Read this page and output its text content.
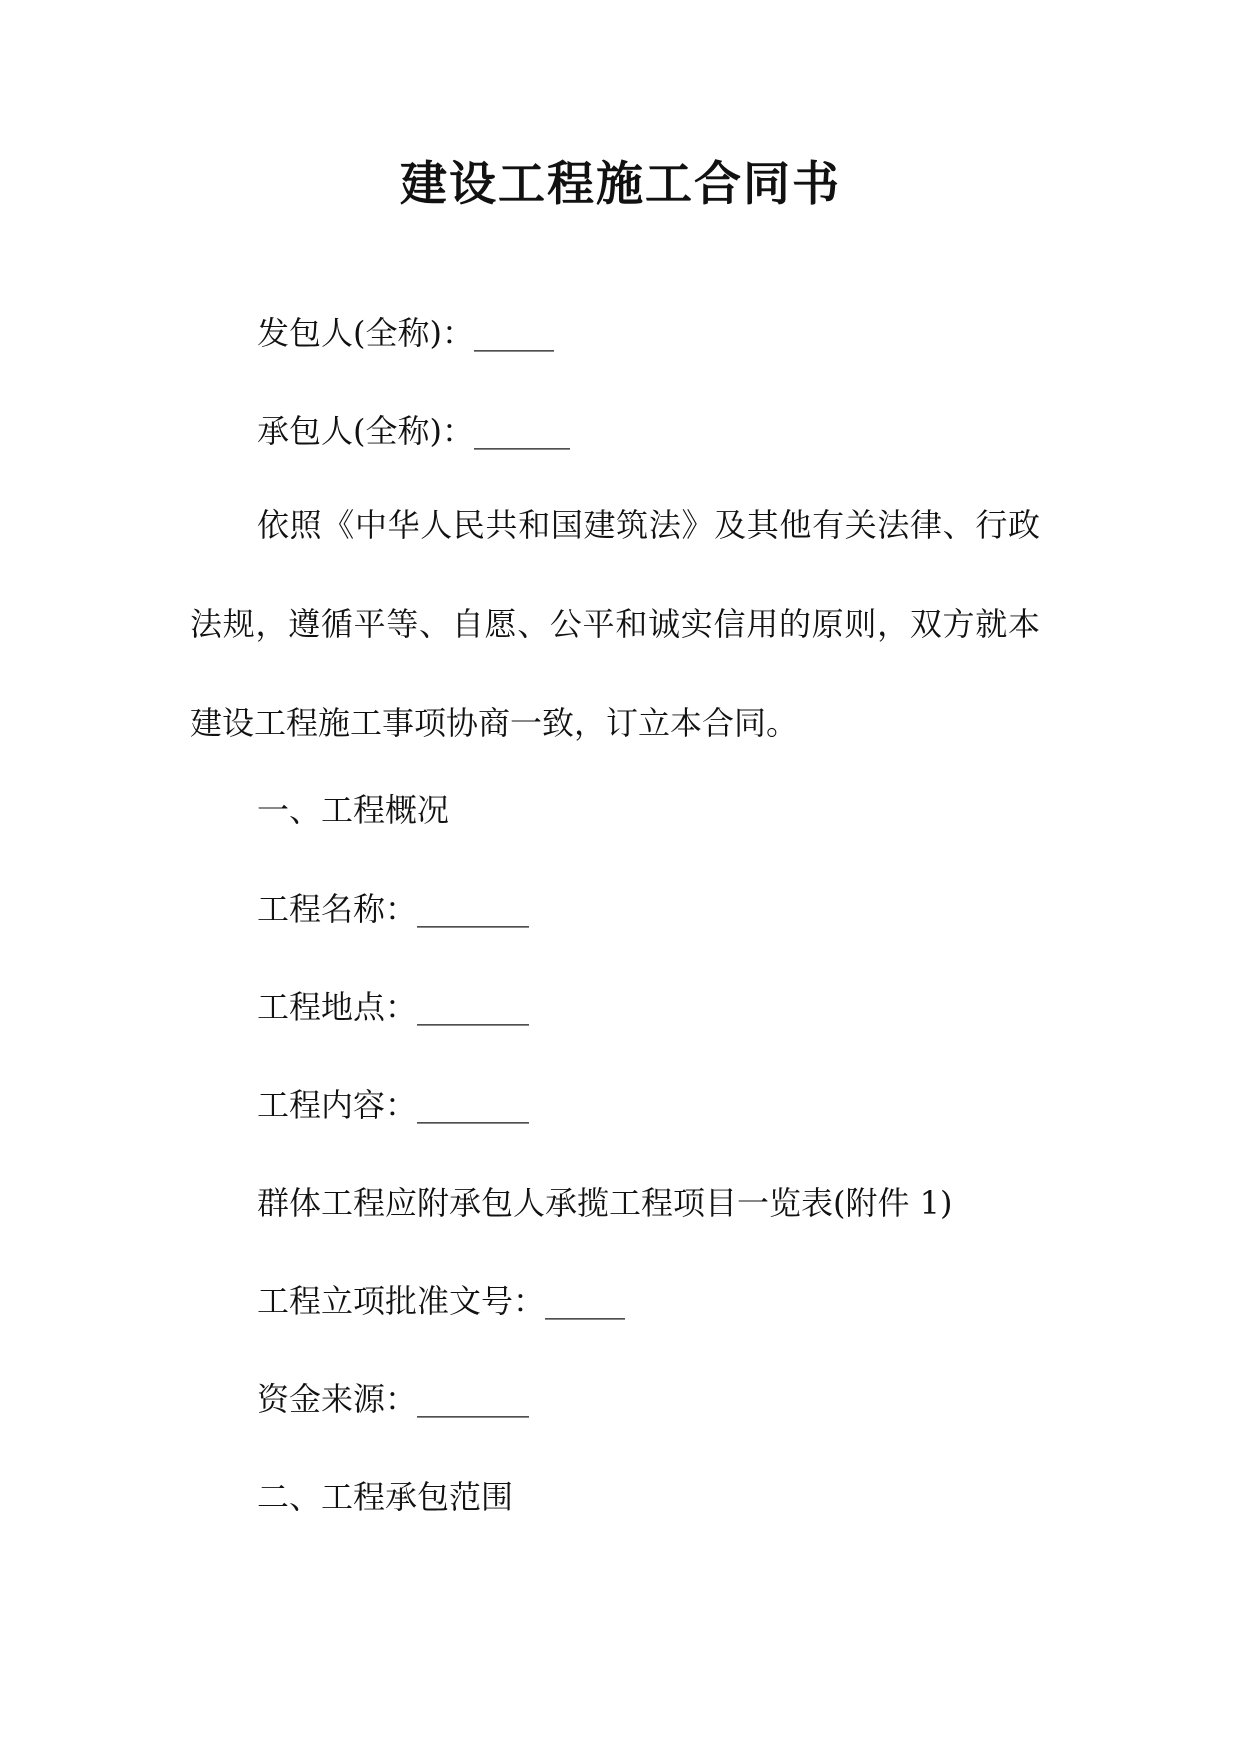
建设工程施工合同书

发包人(全称)：_____

承包人(全称)：______

依照《中华人民共和国建筑法》及其他有关法律、行政法规，遵循平等、自愿、公平和诚实信用的原则，双方就本建设工程施工事项协商一致，订立本合同。

一、工程概况

工程名称：_______

工程地点：_______

工程内容：_______

群体工程应附承包人承揽工程项目一览表(附件 1)

工程立项批准文号：_____

资金来源：_______

二、工程承包范围
